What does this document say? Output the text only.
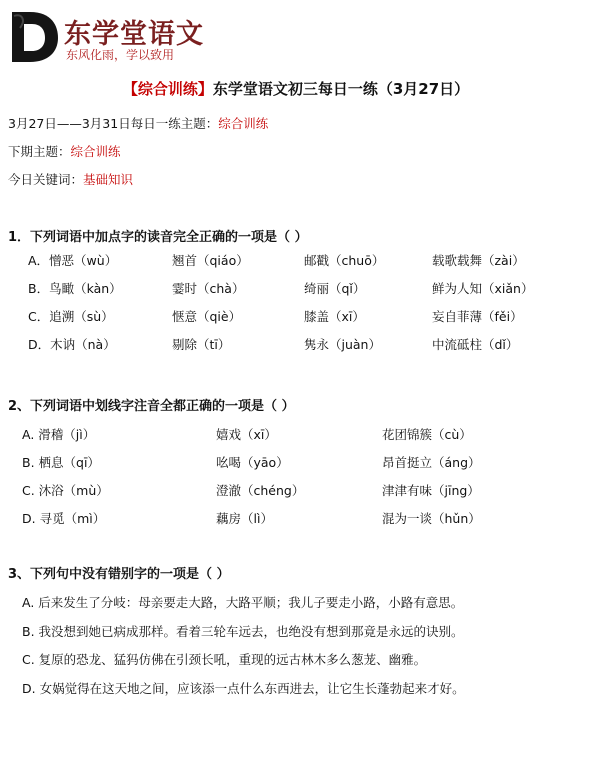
东学堂语文
东风化雨，学以致用
【综合训练】东学堂语文初三每日一练（3月27日）
3月27日——3月31日每日一练主题：综合训练
下期主题：综合训练
今日关键词：基础知识
1．下列词语中加点字的读音完全正确的一项是（ ）
A．憎恶（wù）	翘首（qiáo）	邮戳（chuō）	载歌载舞（zài）
B．鸟瞰（kàn）	霎时（chà）	绮丽（qǐ）	鲜为人知（xiǎn）
C．追溯（sù）	惬意（qiè）	膝盖（xī）	妄自菲薄（fěi）
D．木讷（nà）	剔除（tī）	隽永（juàn）	中流砥柱（dǐ）
2、下列词语中划线字注音全都正确的一项是（ ）
A. 滑稽（jì）	嬉戏（xī）	花团锦簇（cù）
B. 栖息（qī）	吆喝（yāo）	昂首挺立（áng）
C. 沐浴（mù）	澄澈（chéng）	津津有味（jīng）
D. 寻觅（mì）	藕房（lì）	混为一谈（hǔn）
3、下列句中没有错别字的一项是（ ）
A. 后来发生了分岐：母亲要走大路，大路平顺；我儿子要走小路，小路有意思。
B. 我没想到她已病成那样。看着三轮车远去，也绝没有想到那竟是永远的诀别。
C. 复原的恐龙、猛犸仿佛在引颈长吼，重现的远古林木多么葱茏、幽雅。
D. 女娲觉得在这天地之间，应该添一点什么东西进去，让它生长蓬勃起来才好。
